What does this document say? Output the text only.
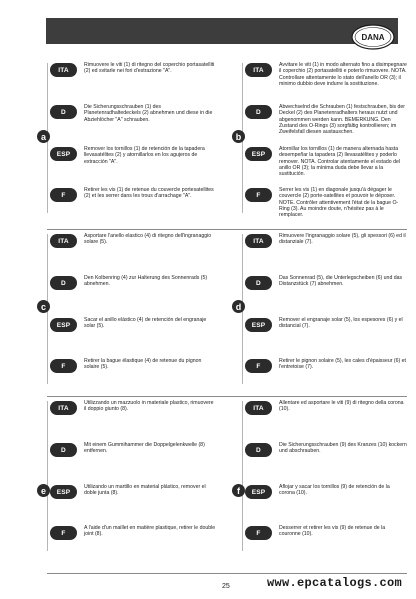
DANA
a
ITA
Rimuovere le viti (1) di ritegno del coperchio portasatelliti (2) ed svitarle nei fori d'estrazione "A".
D
Die Sicherungsschrauben (1) des Planetenradhaltedeckels (2) abnehmen und diese in die Abziehlöcher "A" schrauben.
ESP
Remover los tornillos (1) de retención de la tapadera llevasatélites (2) y atornillarlos en los agujeros de extracción "A".
F
Retirer les vis (1) de retenue du couvercle portesatellites (2) et les serrer dans les trous d'arrachage "A".
b
ITA
Avvitare le viti (1) in modo alternato fino a disimpegnare il coperchio (2) portasatelliti e poterlo rimuovere. NOTA. Controllare attentamente lo stato dell'anello OR (3); il minimo dubbio deve indurre la sostituzione.
D
Abwechselnd die Schrauben (1) festschrauben, bis der Deckel (2) des Planetenradhalters heraus nutzt und abgenommen werden kann. BEMERKUNG. Den Zustand des O-Rings (3) sorgfältig kontrollieren; im Zweifelsfall diesen austauschen.
ESP
Atornillar los tornillos (1) de manera alternada hasta desempeñar la tapadera (2) llevasatélites y poderlo remover. NOTA. Controlar atentamente el estado del anillo OR (3); la mínima duda debe llevar a la sustitución.
F
Serrer les vis (1) en diagonale jusqu'à dégager le couvercle (2) porte-satellites et pouvoir le déposer. NOTE. Contrôler attentivement l'état de la bague O-Ring (3). Au moindre doute, n'hésitez pas à le remplacer.
c
ITA
Asportare l'anello elastico (4) di ritegno dell'ingranaggio solare (5).
D
Den Kolbenring (4) zur Halterung des Sonnenrads (5) abnehmen.
ESP
Sacar el anillo elástico (4) de retención del engranaje solar (5).
F
Retirer la bague élastique (4) de retenue du pignon solaire (5).
d
ITA
Rimuovere l'ingranaggio solare (5), gli spessori (6) ed il distanziale (7).
D
Das Sonnenrad (5), die Unterlegscheiben (6) und das Distanzstück (7) abnehmen.
ESP
Remover el engranaje solar (5), los espesores (6) y el distancial (7).
F
Retirer le pignon solaire (5), les cales d'épaisseur (6) et l'entretoise (7).
e
ITA
Utilizzando un mazzuolo in materiale plastico, rimuovere il doppio giunto (8).
D
Mit einem Gummihammer die Doppelgelenkwelle (8) entfernen.
ESP
Utilizando un martillo en material plástico, remover el doble junta (8).
F
A l'aide d'un maillet en matière plastique, retirer le double joint (8).
f
ITA
Allentare ed asportare le viti (9) di ritegno della corona (10).
D
Die Sicherungsschrauben (9) des Kranzes (10) kockern und abschrauben.
ESP
Aflojar y sacar los tornillos (9) de retención de la corona (10).
F
Desserrer et retirer les vis (9) de retenue de la couronne (10).
25	www.epcatalogs.com
